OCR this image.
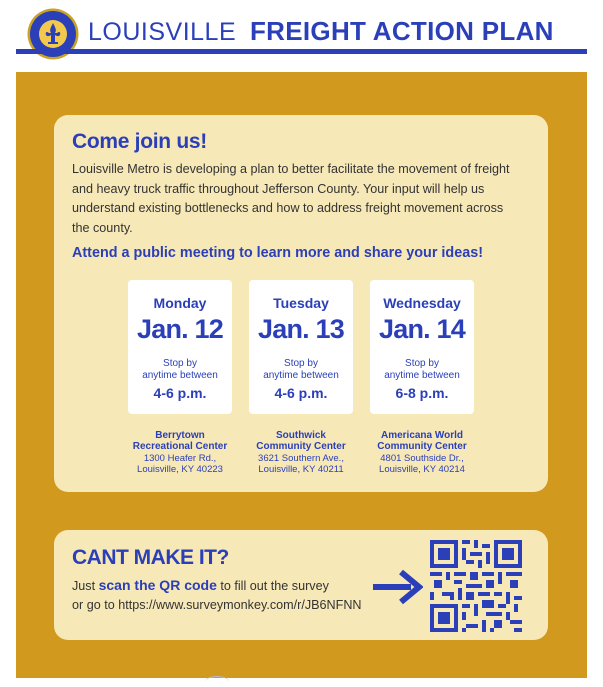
LOUISVILLE FREIGHT ACTION PLAN
Come join us!
Louisville Metro is developing a plan to better facilitate the movement of freight and heavy truck traffic throughout Jefferson County. Your input will help us understand existing bottlenecks and how to address freight movement across the county.
Attend a public meeting to learn more and share your ideas!
Monday
Jan. 12
Stop by
anytime between
4-6 p.m.
Tuesday
Jan. 13
Stop by
anytime between
4-6 p.m.
Wednesday
Jan. 14
Stop by
anytime between
6-8 p.m.
Berrytown
Recreational Center
1300 Heafer Rd.,
Louisville, KY 40223
Southwick
Community Center
3621 Southern Ave.,
Louisville, KY 40211
Americana World
Community Center
4801 Southside Dr.,
Louisville, KY 40214
CANT MAKE IT?
Just scan the QR code to fill out the survey
or go to https://www.surveymonkey.com/r/JB6NFNN
